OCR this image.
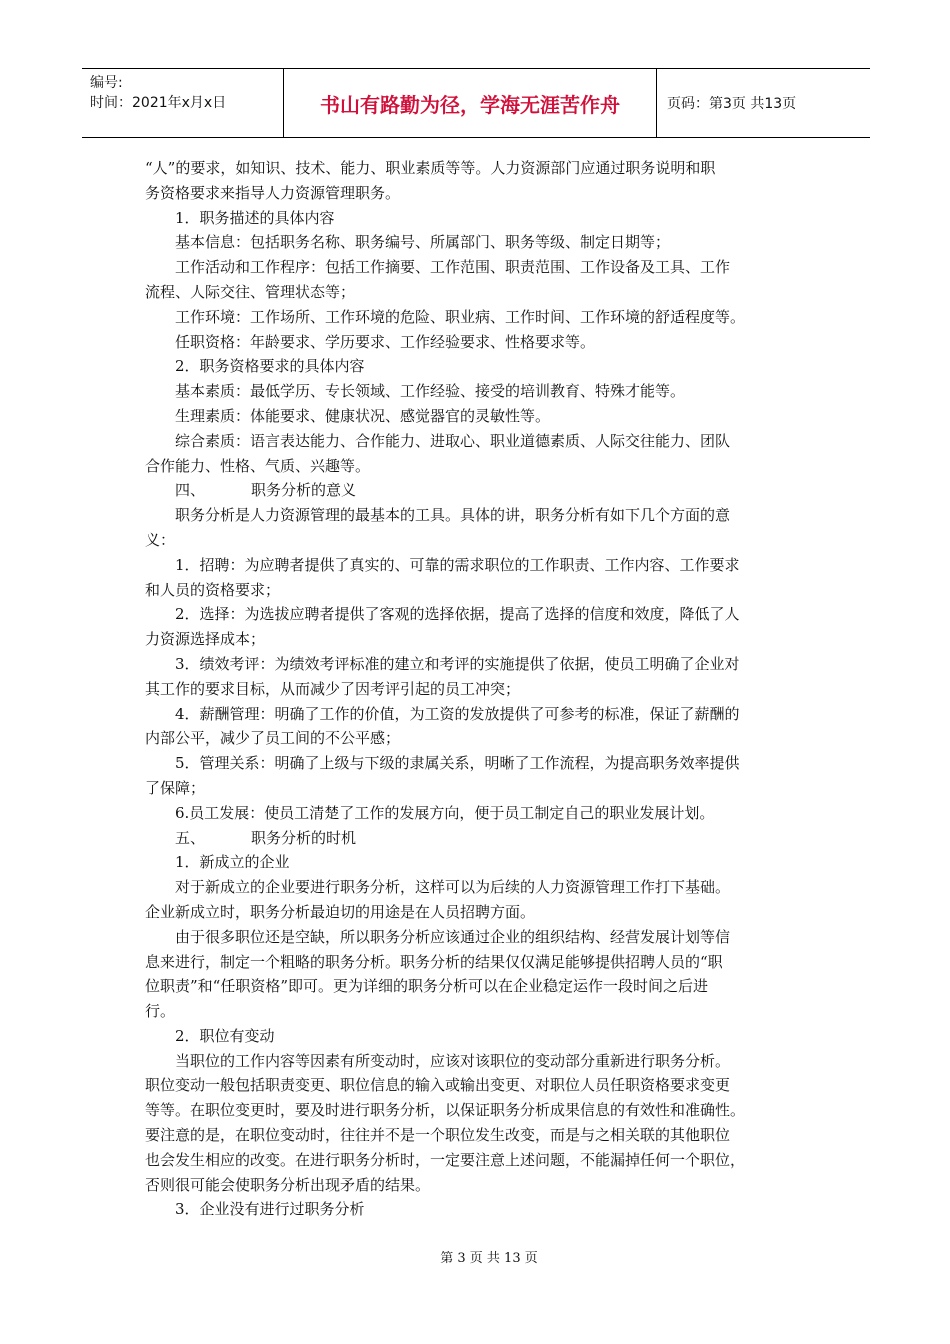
编号:
时间：2021年x月x日	书山有路勤为径，学海无涯苦作舟	页码：第3页 共13页
“人”的要求，如知识、技术、能力、职业素质等等。人力资源部门应通过职务说明和职
务资格要求来指导人力资源管理职务。
1．职务描述的具体内容
基本信息：包括职务名称、职务编号、所属部门、职务等级、制定日期等；
工作活动和工作程序：包括工作摘要、工作范围、职责范围、工作设备及工具、工作
流程、人际交往、管理状态等；
工作环境：工作场所、工作环境的危险、职业病、工作时间、工作环境的舒适程度等。
任职资格：年龄要求、学历要求、工作经验要求、性格要求等。
2．职务资格要求的具体内容
基本素质：最低学历、专长领域、工作经验、接受的培训教育、特殊才能等。
生理素质：体能要求、健康状况、感觉器官的灵敏性等。
综合素质：语言表达能力、合作能力、进取心、职业道德素质、人际交往能力、团队
合作能力、性格、气质、兴趣等。
四、	职务分析的意义
职务分析是人力资源管理的最基本的工具。具体的讲，职务分析有如下几个方面的意
义：
1．招聘：为应聘者提供了真实的、可靠的需求职位的工作职责、工作内容、工作要求
和人员的资格要求；
2．选择：为选拔应聘者提供了客观的选择依据，提高了选择的信度和效度，降低了人
力资源选择成本；
3．绩效考评：为绩效考评标准的建立和考评的实施提供了依据，使员工明确了企业对
其工作的要求目标，从而减少了因考评引起的员工冲突；
4．薪酬管理：明确了工作的价值，为工资的发放提供了可参考的标准，保证了薪酬的
内部公平，减少了员工间的不公平感；
5．管理关系：明确了上级与下级的隶属关系，明晰了工作流程，为提高职务效率提供
了保障；
6.员工发展：使员工清楚了工作的发展方向，便于员工制定自己的职业发展计划。
五、	职务分析的时机
1．新成立的企业
对于新成立的企业要进行职务分析，这样可以为后续的人力资源管理工作打下基础。
企业新成立时，职务分析最迫切的用途是在人员招聘方面。
由于很多职位还是空缺，所以职务分析应该通过企业的组织结构、经营发展计划等信
息来进行，制定一个粗略的职务分析。职务分析的结果仅仅满足能够提供招聘人员的“职
位职责”和“任职资格”即可。更为详细的职务分析可以在企业稳定运作一段时间之后进
行。
2．职位有变动
当职位的工作内容等因素有所变动时，应该对该职位的变动部分重新进行职务分析。
职位变动一般包括职责变更、职位信息的输入或输出变更、对职位人员任职资格要求变更
等等。在职位变更时，要及时进行职务分析，以保证职务分析成果信息的有效性和准确性。
要注意的是，在职位变动时，往往并不是一个职位发生改变，而是与之相关联的其他职位
也会发生相应的改变。在进行职务分析时，一定要注意上述问题，不能漏掉任何一个职位，
否则很可能会使职务分析出现矛盾的结果。
3．企业没有进行过职务分析
第 3 页 共 13 页
